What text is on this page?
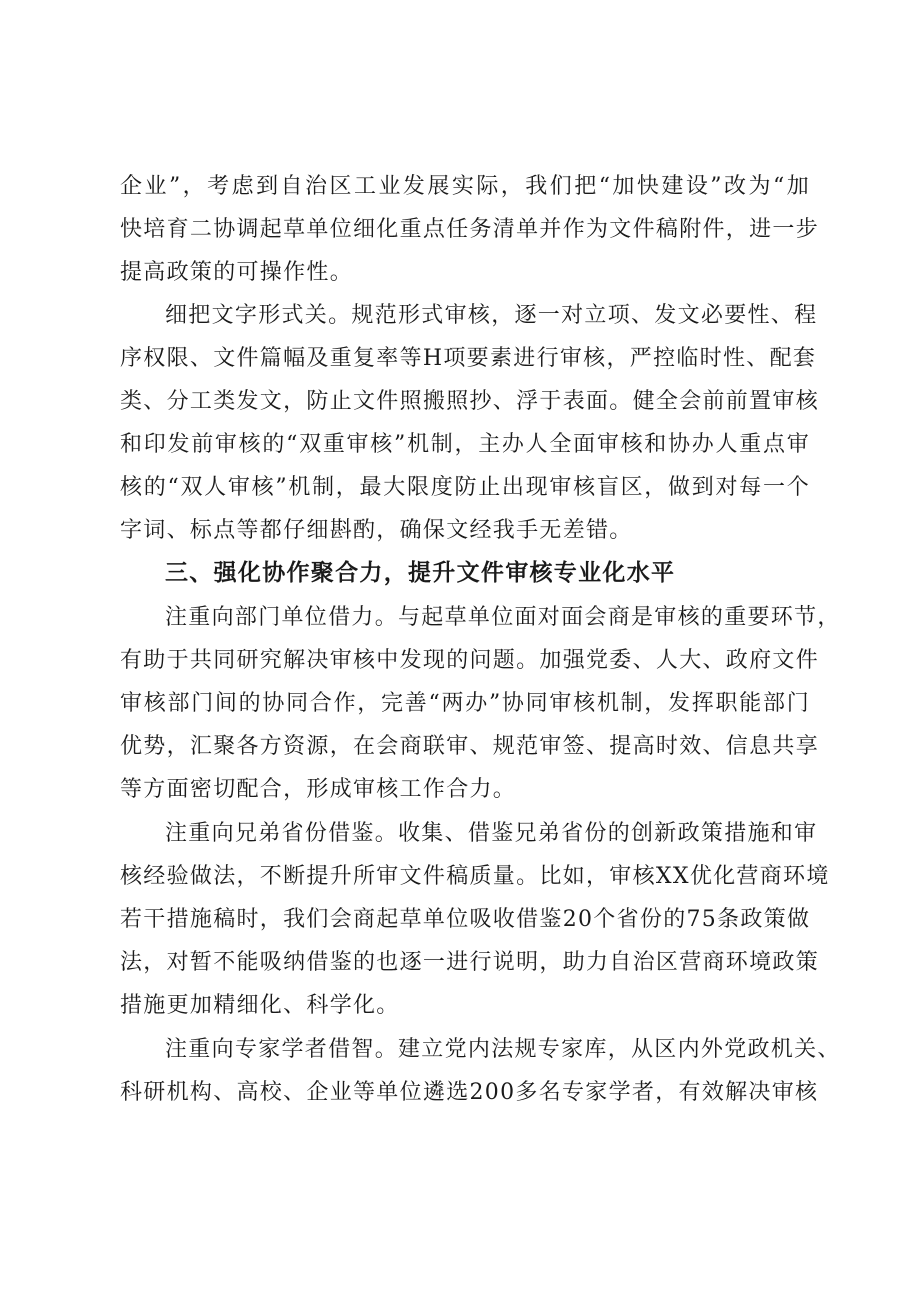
企业”，考虑到自治区工业发展实际，我们把“加快建设”改为“加
快培育二协调起草单位细化重点任务清单并作为文件稿附件，进一步
提高政策的可操作性。
细把文字形式关。规范形式审核，逐一对立项、发文必要性、程
序权限、文件篇幅及重复率等H项要素进行审核，严控临时性、配套
类、分工类发文，防止文件照搬照抄、浮于表面。健全会前前置审核
和印发前审核的“双重审核”机制，主办人全面审核和协办人重点审
核的“双人审核”机制，最大限度防止出现审核盲区，做到对每一个
字词、标点等都仔细斟酌，确保文经我手无差错。
三、强化协作聚合力，提升文件审核专业化水平
注重向部门单位借力。与起草单位面对面会商是审核的重要环节，
有助于共同研究解决审核中发现的问题。加强党委、人大、政府文件
审核部门间的协同合作，完善“两办”协同审核机制，发挥职能部门
优势，汇聚各方资源，在会商联审、规范审签、提高时效、信息共享
等方面密切配合，形成审核工作合力。
注重向兄弟省份借鉴。收集、借鉴兄弟省份的创新政策措施和审
核经验做法，不断提升所审文件稿质量。比如，审核XX优化营商环境
若干措施稿时，我们会商起草单位吸收借鉴20个省份的75条政策做
法，对暂不能吸纳借鉴的也逐一进行说明，助力自治区营商环境政策
措施更加精细化、科学化。
注重向专家学者借智。建立党内法规专家库，从区内外党政机关、
科研机构、高校、企业等单位遴选200多名专家学者，有效解决审核
